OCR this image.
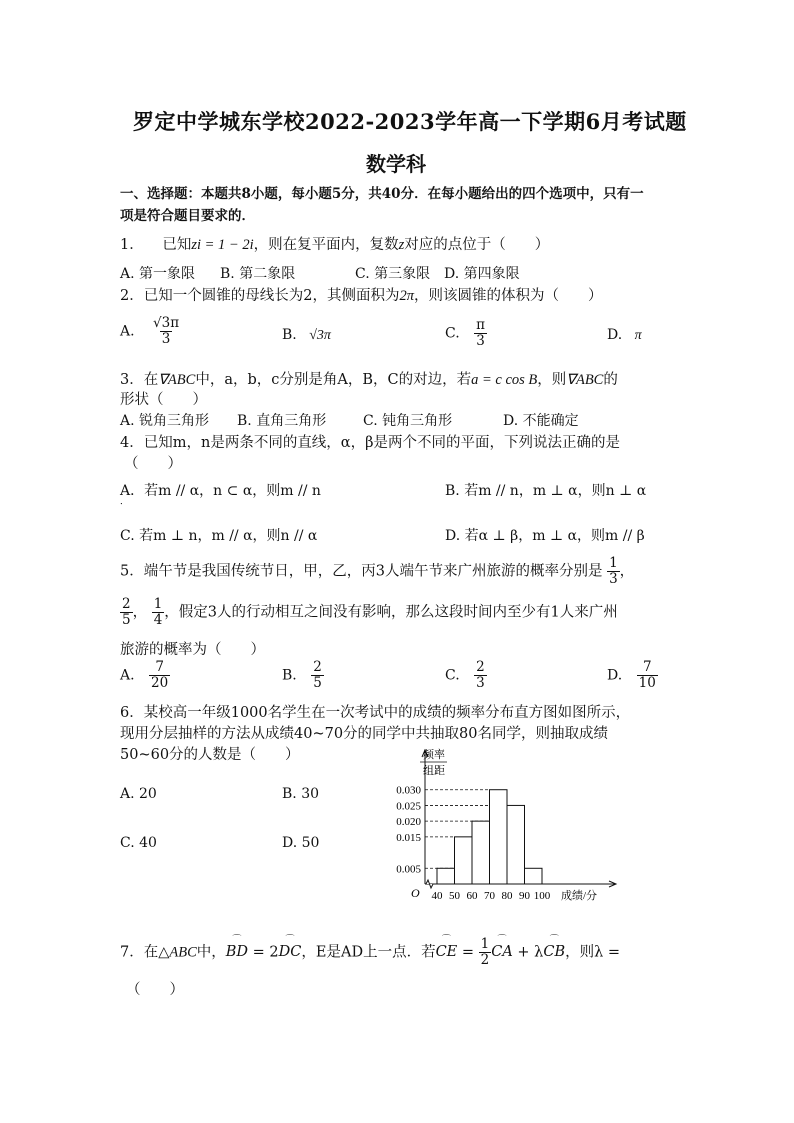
罗定中学城东学校2022-2023学年高一下学期6月考试题
数学科
一、选择题：本题共8小题，每小题5分，共40分．在每小题给出的四个选项中，只有一
项是符合题目要求的．
1． 已知zi = 1 − 2i，则在复平面内，复数z对应的点位于（　　）
A. 第一象限 B. 第二象限	C. 第三象限 D. 第四象限
2．已知一个圆锥的母线长为2，其侧面积为2π，则该圆锥的体积为（　　）
A. $\frac{√3\pi}{3}$	B. √3π	C. $\frac{\pi}{3}$	D. π
3．在∇ABC中，a，b，c分别是角A，B，C的对边，若a = c cos B，则∇ABC的
形状（　　）
A. 锐角三角形 B. 直角三角形	C. 钝角三角形	D. 不能确定
4．已知m，n是两条不同的直线，α，β是两个不同的平面，下列说法正确的是
（　　）
A．若m // α，n ⊂ α，则m // n
．
B. 若m // n，m ⊥ α，则n ⊥ α
C. 若m ⊥ n，m // α，则n // α	D. 若α ⊥ β，m ⊥ α，则m // β
5．端午节是我国传统节日，甲，乙，丙3人端午节来广州旅游的概率分别是 $\frac{1}{3}$ ，
$\frac{2}{5}$ ， $\frac{1}{4}$ ，假定3人的行动相互之间没有影响，那么这段时间内至少有1人来广州
旅游的概率为（　　）
A. $\frac{7}{20}$	B. $\frac{2}{5}$	C. $\frac{2}{3}$	D. $\frac{7}{10}$
6．某校高一年级1000名学生在一次考试中的成绩的频率分布直方图如图所示，
现用分层抽样的方法从成绩40~70分的同学中共抽取80名同学，则抽取成绩
50~60分的人数是（　　）
A. 20	B. 30
C. 40	D. 50
0.030
0.025
0.020
0.015
0.005
40 50 60 70 80 90 100
频率
组距
O	成绩/分
7．在△ABC中，⌒ BD = 2⌒ DC，E是AD上一点．若⌒ CE = $\frac{1}{2}$
⌒ CA + λ⌒ CB，则λ =
（　　）
